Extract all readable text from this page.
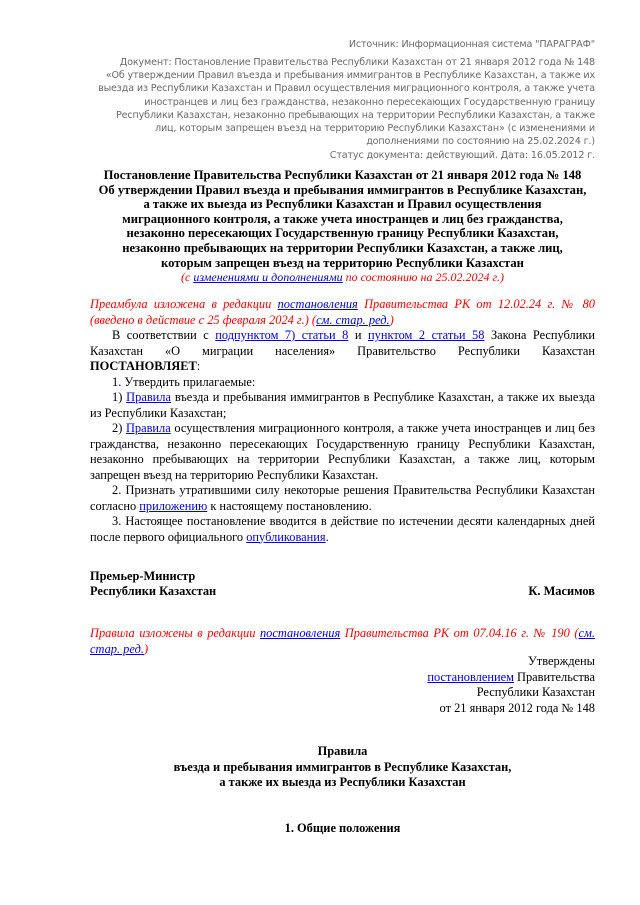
Источник: Информационная система "ПАРАГРАФ"
Документ: Постановление Правительства Республики Казахстан от 21 января 2012 года № 148
«Об утверждении Правил въезда и пребывания иммигрантов в Республике Казахстан, а также их
выезда из Республики Казахстан и Правил осуществления миграционного контроля, а также учета
иностранцев и лиц без гражданства, незаконно пересекающих Государственную границу
Республики Казахстан, незаконно пребывающих на территории Республики Казахстан, а также
лиц, которым запрещен въезд на территорию Республики Казахстан» (с изменениями и
дополнениями по состоянию на 25.02.2024 г.)
Статус документа: действующий. Дата: 16.05.2012 г.
Постановление Правительства Республики Казахстан от 21 января 2012 года № 148
Об утверждении Правил въезда и пребывания иммигрантов в Республике Казахстан,
а также их выезда из Республики Казахстан и Правил осуществления
миграционного контроля, а также учета иностранцев и лиц без гражданства,
незаконно пересекающих Государственную границу Республики Казахстан,
незаконно пребывающих на территории Республики Казахстан, а также лиц,
которым запрещен въезд на территорию Республики Казахстан
(с изменениями и дополнениями по состоянию на 25.02.2024 г.)

Преамбула изложена в редакции постановления Правительства РК от 12.02.24 г. № 80 (введено в действие с 25 февраля 2024 г.) (см. стар. ред.)

В соответствии с подпунктом 7) статьи 8 и пунктом 2 статьи 58 Закона Республики Казахстан «О миграции населения» Правительство Республики Казахстан ПОСТАНОВЛЯЕТ:

1. Утвердить прилагаемые:

1) Правила въезда и пребывания иммигрантов в Республике Казахстан, а также их выезда из Республики Казахстан;

2) Правила осуществления миграционного контроля, а также учета иностранцев и лиц без гражданства, незаконно пересекающих Государственную границу Республики Казахстан, незаконно пребывающих на территории Республики Казахстан, а также лиц, которым запрещен въезд на территорию Республики Казахстан.

2. Признать утратившими силу некоторые решения Правительства Республики Казахстан согласно приложению к настоящему постановлению.

3. Настоящее постановление вводится в действие по истечении десяти календарных дней после первого официального опубликования.

Премьер-Министр
Республики Казахстан	К. Масимов

Правила изложены в редакции постановления Правительства РК от 07.04.16 г. № 190 (см. стар. ред.)

Утверждены
постановлением Правительства
Республики Казахстан
от 21 января 2012 года № 148
Правила
въезда и пребывания иммигрантов в Республике Казахстан,
а также их выезда из Республики Казахстан
1. Общие положения
